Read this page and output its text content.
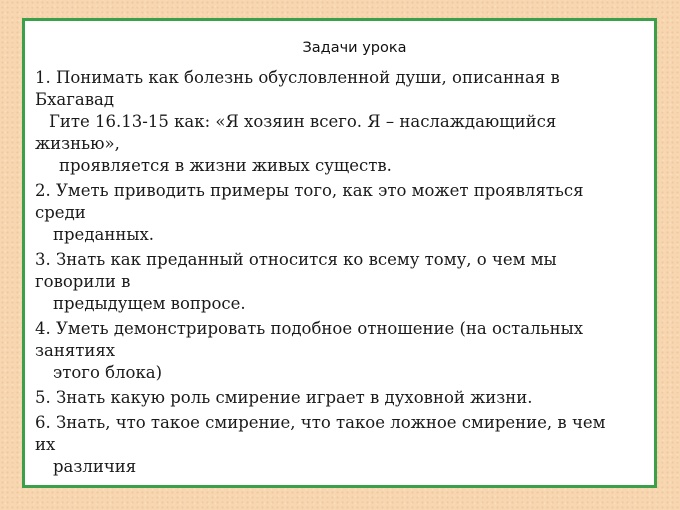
Задачи урока
1. Понимать как болезнь обусловленной души, описанная в
Бхагавад
Гите 16.13-15 как: «Я хозяин всего. Я – наслаждающийся
жизнью»,
проявляется в жизни живых существ.
2. Уметь приводить примеры того, как это может проявляться
среди
преданных.
3. Знать как преданный относится ко всему тому, о чем мы
говорили в
предыдущем вопросе.
4. Уметь демонстрировать подобное отношение (на остальных
занятиях
этого блока)
5. Знать какую роль смирение играет в духовной жизни.
6. Знать, что такое смирение, что такое ложное смирение, в чем
их
различия
